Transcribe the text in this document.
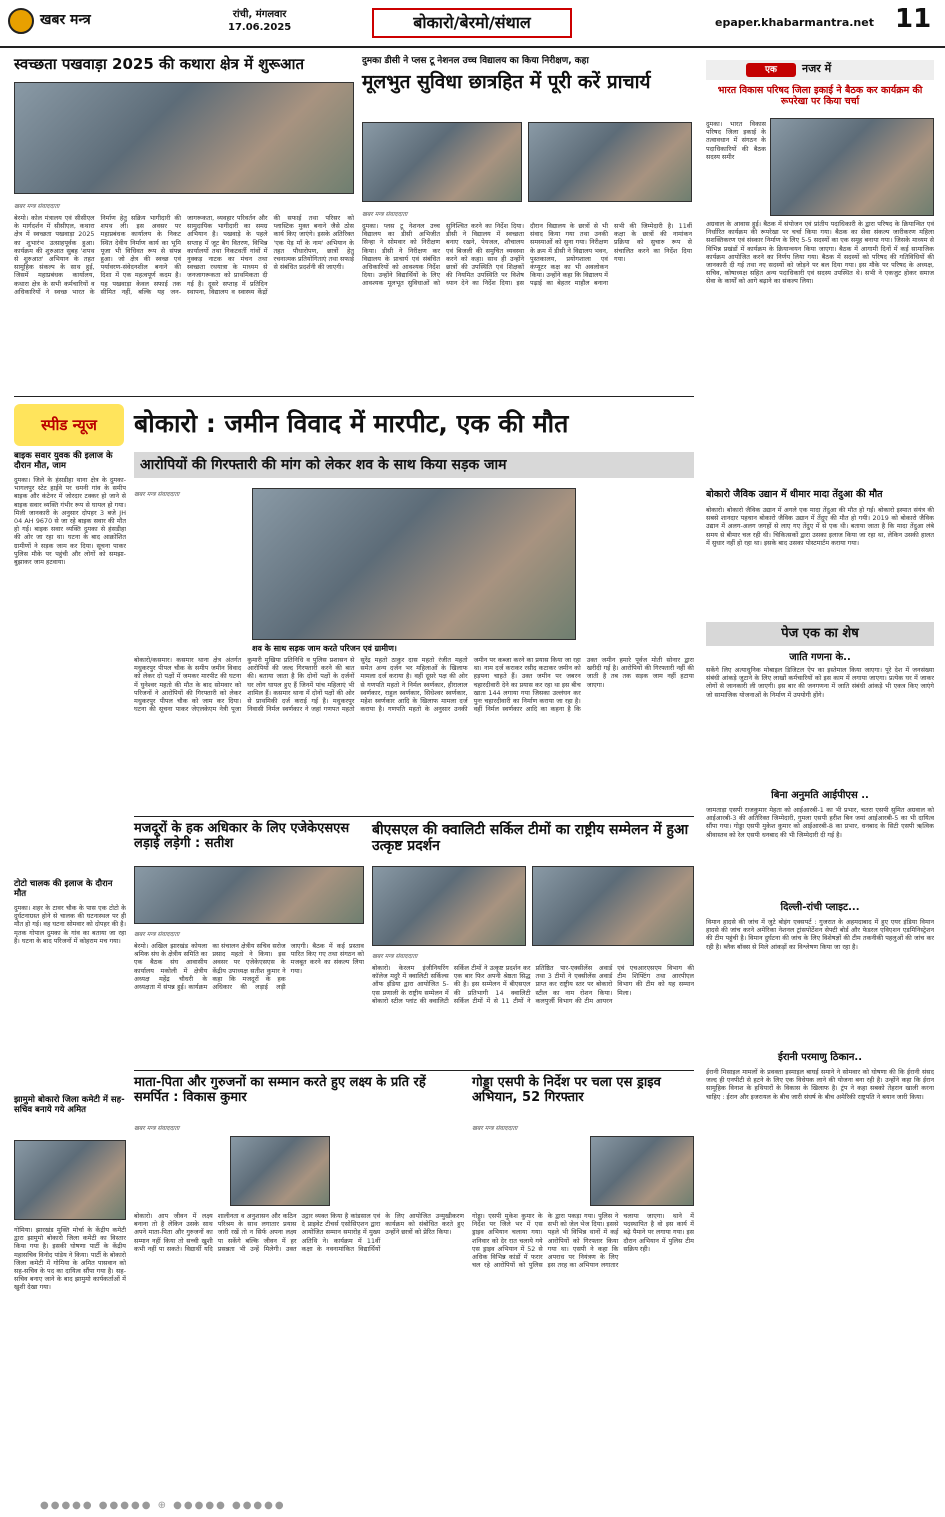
खबर मन्त्र	रांची, मंगलवार
17.06.2025	बोकारो/बेरमो/संथाल	epaper.khabarmantra.net 11
स्वच्छता पखवाड़ा 2025 की कथारा क्षेत्र में शुरूआत
खबर मन्त्र संवाददाता
बेरमो। कोल मंत्रालय एवं सीसीएल के मार्गदर्शन में सीसीएल, कथारा क्षेत्र में स्वच्छता पखवाड़ा 2025 का शुभारंभ उत्साहपूर्वक हुआ। कार्यक्रम की शुरुआत सुबह 'शपथ से शुरुआत' अभियान के तहत सामूहिक संकल्प के साथ हुई, जिसमें महाप्रबंधक कार्यालय, कथारा क्षेत्र के सभी कर्मचारियों व अधिकारियों ने स्वच्छ भारत के निर्माण हेतु सक्रिय भागीदारी की शपथ ली। इस अवसर पर महाप्रबंधक कार्यालय के निकट स्थित देवीय निर्माण कार्य का भूमि पूजा भी विधिवत रूप से संपन्न हुआ। जो क्षेत्र की स्वच्छ एवं पर्यावरण-संवेदनशील बनाने की दिशा में एक महत्वपूर्ण कदम है। यह पखवाड़ा केवल सफाई तक सीमित नहीं, बल्कि यह जन-जागरूकता, व्यवहार परिवर्तन और सामुदायिक भागीदारी का समग्र अभियान है। पखवाड़े के पहले सप्ताह में जूट बैग वितरण, विभिन्न कार्यालयों तथा निकटवर्ती गांवों में नुक्कड़ नाटक का मंचन तथा स्वच्छता रथयात्रा के माध्यम से जनजागरूकता को प्राथमिकता दी गई है। दूसरे सप्ताह में प्रतिदिन स्थापना, विद्यालय व स्वास्थ्य केंद्रों की सफाई तथा परिसर को प्लास्टिक मुक्त बनाने जैसे ठोस कार्य किए जाएंगे। इसके अतिरिक्त 'एक पेड़ माँ के नाम' अभियान के तहत पौधारोपण, छात्रों हेतु रचनात्मक प्रतियोगिताएं तथा सफाई से संबंधित प्रदर्शनी की जाएगी।
दुमका डीसी ने प्लस टू नेशनल उच्च विद्यालय का किया निरीक्षण, कहा
मूलभुत सुविधा छात्रहित में पूरी करें प्राचार्य
खबर मन्त्र संवाददाता
दुमका। प्लस टू नेशनल उच्च विद्यालय का डीसी अभिजीत सिन्हा ने सोमवार को निरीक्षण किया। डीसी ने निरीक्षण कर विद्यालय के प्राचार्य एवं संबंधित अधिकारियों को आवश्यक निर्देश दिया। उन्होंने विद्यार्थियों के लिए आवश्यक मूलभूत सुविधाओं को सुनिश्चित करने का निर्देश दिया। डीसी ने विद्यालय में स्वच्छता बनाए रखने, पेयजल, शौचालय एवं बिजली की समुचित व्यवस्था करने को कहा। साथ ही उन्होंने छात्रों की उपस्थिति एवं शिक्षकों की नियमित उपस्थिति पर विशेष ध्यान देने का निर्देश दिया। इस दौरान विद्यालय के छात्रों से भी संवाद किया गया तथा उनकी समस्याओं को सुना गया। निरीक्षण के क्रम में डीसी ने विद्यालय भवन, पुस्तकालय, प्रयोगशाला एवं कंप्यूटर कक्ष का भी अवलोकन किया। उन्होंने कहा कि विद्यालय में पढ़ाई का बेहतर माहौल बनाना सभी की जिम्मेदारी है। 11वीं कक्षा के छात्रों की नामांकन प्रक्रिया को सुचारु रूप से संचालित करने का निर्देश दिया गया।
एक	नजर में
भारत विकास परिषद जिला इकाई ने बैठक कर कार्यक्रम की रूपरेखा पर किया चर्चा
दुमका। भारत विकास परिषद जिला इकाई के तत्वावधान में संगठन के पदाधिकारियों की बैठक सदस्य समीर
अग्रवाल के आवास हुई। बैठक में संयोजन एवं प्रांतीय पदाधिकारी के द्वारा परिषद के क्रियान्वित एवं निर्धारित कार्यक्रम की रूपरेखा पर चर्चा किया गया। बैठक का सेवा संकल्प जारीकरण महिला सशक्तिकरण एवं संस्कार निर्माण के लिए 5-5 सदस्यों का एक समूह बनाया गया। जिसके माध्यम से विभिन्न प्रखंडों में कार्यक्रम के क्रियान्वयन किया जाएगा। बैठक में आगामी दिनों में कई सामाजिक कार्यक्रम आयोजित करने का निर्णय लिया गया। बैठक में सदस्यों को परिषद की गतिविधियों की जानकारी दी गई तथा नए सदस्यों को जोड़ने पर बल दिया गया। इस मौके पर परिषद के अध्यक्ष, सचिव, कोषाध्यक्ष सहित अन्य पदाधिकारी एवं सदस्य उपस्थित थे। सभी ने एकजुट होकर समाज सेवा के कार्यों को आगे बढ़ाने का संकल्प लिया।
स्पीड न्यूज
बाइक सवार युवक की इलाज के दौरान मौत, जाम
दुमका। जिले के हंसडीहा थाना क्षेत्र के दुमका-भागलपुर स्टेट हाईवे पर धमनी गांव के समीप बाइक और कंटेनर में जोरदार टक्कर हो जाने से बाइक सवार व्यक्ति गंभीर रूप से घायल हो गया। मिली जानकारी के अनुसार दोपहर 3 बजे JH 04 AH 9670 से जा रहे बाइक सवार की मौत हो गई। बाइक सवार व्यक्ति दुमका से हंसडीहा की ओर जा रहा था। घटना के बाद आक्रोशित ग्रामीणों ने सड़क जाम कर दिया। सूचना पाकर पुलिस मौके पर पहुंची और लोगों को समझा-बुझाकर जाम हटवाया।
टोटो चालक की इलाज के दौरान मौत
दुमका। शहर के टावर चौक के पास एक टोटो के दुर्घटनाग्रस्त होने से चालक की घटनास्थल पर ही मौत हो गई। वह घटना सोमवार को दोपहर की है। मृतक गोपाल दुमका के गांव का बताया जा रहा है। घटना के बाद परिजनों में कोहराम मच गया।
झामुमो बोकारो जिला कमेटी में सह-सचिव बनाये गये अमित
गोमिया। झारखंड मुक्ति मोर्चा के केंद्रीय कमेटी द्वारा झामुमो बोकारो जिला कमेटी का विस्तार किया गया है। इसकी घोषणा पार्टी के केंद्रीय महासचिव विनोद पांडेय ने किया। पार्टी के बोकारो जिला कमेटी में गोमिया के अमित पासवान को सह-सचिव के पद का दायित्व सौंपा गया है। सह-सचिव बनाए जाने के बाद झामुमो कार्यकर्ताओं में खुशी देखा गया।
बोकारो : जमीन विवाद में मारपीट, एक की मौत
आरोपियों की गिरफ्तारी की मांग को लेकर शव के साथ किया सड़क जाम
खबर मन्त्र संवाददाता
शव के साथ सड़क जाम करते परिजन एवं ग्रामीण।
बोकारो/कसमार। कसमार थाना क्षेत्र अंतर्गत मधुकरपुर पीपल चौक के समीप जमीन विवाद को लेकर दो पक्षों में जमकर मारपीट की घटना में घुनेश्वर महतो की मौत के बाद सोमवार को परिजनों ने आरोपियों की गिरफ्तारी को लेकर मधुकरपुर पीपल चौक को जाम कर दिया। घटना की सूचना पाकर जेएलकेएम नेत्री पूजा कुमारी मुखिया प्रतिनिधि व पुलिस प्रशासन से आरोपियों की जल्द गिरफ्तारी करने की बात की। बताया जाता है कि दोनों पक्षों के दर्जनों घर लोग घायल हुए हैं जिनमें पांच महिलाएं भी शामिल हैं। कसमार थाना में दोनों पक्षों की ओर से प्राथमिकी दर्ज कराई गई है। मधुकरपुर निवासी निर्मल स्वर्णकार ने जहां गणपत महतो सुरेंद्र महतो ठाकुर दास महतो रंजीत महतो समेत अन्य दर्जन भर महिलाओं के खिलाफ मामला दर्ज कराया है। वहीं दूसरे पक्ष की ओर से गणपति महतो ने निर्मल स्वर्णकार, हीरालाल स्वर्णकार, राहुल स्वर्णकार, सिधेश्वर स्वर्णकार, महेश स्वर्णकार आदि के खिलाफ मामला दर्ज कराया है। गणपति महतो के अनुसार उनकी जमीन पर कब्जा करने का प्रयास किया जा रहा था। नाम दर्ज कराकर रसीद कटाकर जमीन को हड़पना चाहते हैं। उक्त जमीन पर जबरन चहारदीवारी देने का प्रयास कर रहा था इस बीच खाता 144 लगाया गया जिसका उल्लंघन कर पुनः चहारदीवारी का निर्माण कराया जा रहा है। वहीं निर्मल स्वर्णकार आदि का कहना है कि उक्त जमीन हमारे पूर्वज मोती सोनार द्वारा खरीदी गई है। आरोपियों की गिरफ्तारी नहीं की जाती है तब तक सड़क जाम नहीं हटाया जाएगा।
बोकारो जैविक उद्यान में धीमार मादा तेंदुआ की मौत
बोकारो। बोकारो जैविक उद्यान में अगले एक मादा तेंदुआ की मौत हो गई। बोकारो इस्पात संयंत्र की सबसे शानदार पहचान बोकारो जैविक उद्यान में तेंदुए की मौत हो गयी। 2019 को बोकारो जैविक उद्यान में अलग-अलग जगहों से लाए गए तेंदुए में से एक थी। बताया जाता है कि मादा तेंदुआ लंबे समय से बीमार चल रही थी। चिकित्सकों द्वारा उसका इलाज किया जा रहा था, लेकिन उसकी हालत में सुधार नहीं हो रहा था। इसके बाद उसका पोस्टमार्टम कराया गया।
पेज एक का शेष
जाति गणना के..
सकेंगे लिए अत्याधुनिक मोबाइल डिजिटल ऐप का इस्तेमाल किया जाएगा। पूरे देश में जनसंख्या संबंधी आंकड़े जुटाने के लिए लाखों कर्मचारियों को इस काम में लगाया जाएगा। प्रत्येक घर में जाकर लोगों से जानकारी ली जाएगी। इस बार की जनगणना में जाति संबंधी आंकड़े भी एकत्र किए जाएंगे जो सामाजिक योजनाओं के निर्माण में उपयोगी होंगे।
बिना अनुमति आईपीएस ..
जामताड़ा एसपी राजकुमार मेहता को आईआरबी-1 का भी प्रभार, चतरा एसपी सुमित अग्रवाल को आईआरबी-3 की अतिरिक्त जिम्मेदारी, गुमला एसपी हरीश बिन जमां आईआरबी-5 का भी दायित्व सौंपा गया। गोड्डा एसपी मुकेश कुमार को आईआरबी-8 का प्रभार, धनबाद के सिटी एसपी ऋत्विक श्रीवास्तव को रेल एसपी धनबाद की भी जिम्मेदारी दी गई है।
दिल्ली-रांची प्लाइट...
विमान हादसे की जांच में जुटे बोइंग एक्सपर्ट : गुजरात के अहमदाबाद में हुए एयर इंडिया विमान हादसे की जांच करने अमेरिका नेशनल ट्रांसपोर्टेशन सेफ्टी बोर्ड और फेडरल एविएशन एडमिनिस्ट्रेशन की टीम पहुंची है। विमान दुर्घटना की जांच के लिए विशेषज्ञों की टीम तकनीकी पहलुओं की जांच कर रही है। ब्लैक बॉक्स से मिले आंकड़ों का विश्लेषण किया जा रहा है।
ईरानी परमाणु ठिकान..
ईरानी मिसाइल मामलों के प्रवक्ता इस्माइल बाघई समाने ने सोमवार को घोषणा की कि ईरानी संसद जल्द ही एनपीटी से हटने के लिए एक विधेयक लाने की योजना बना रही है। उन्होंने कहा कि ईरान सामूहिक विनाश के हथियारों के विकास के खिलाफ है। ट्रंप ने कहा सबको तेहरान खाली करना चाहिए : ईरान और इजरायल के बीच जारी संघर्ष के बीच अमेरिकी राष्ट्रपति ने बयान जारी किया।
मजदूरों के हक अधिकार के लिए एजेकेएसएस लड़ाई लड़ेगी : सतीश
खबर मन्त्र संवाददाता
बेरमो। अखिल झारखंड कोयला श्रमिक संघ के क्षेत्रीय समिति का एक बैठक संघ आवासीय कार्यालय मकोली में क्षेत्रीय अध्यक्ष महेंद्र चौधरी के अध्यक्षता में संपन्न हुई। कार्यक्रम का संचालन क्षेत्रीय सचिव सरोज प्रसाद महतो ने किया। इस अवसर पर एजेकेएसएस के केंद्रीय उपाध्यक्ष सतीश कुमार ने कहा कि मजदूरों के हक अधिकार की लड़ाई लड़ी जाएगी। बैठक में कई प्रस्ताव पारित किए गए तथा संगठन को मजबूत करने का संकल्प लिया गया।
बीएसएल की क्वालिटी सर्किल टीमों का राष्ट्रीय सम्मेलन में हुआ उत्कृष्ट प्रदर्शन
खबर मन्त्र संवाददाता
बोकारो। केरलम इंजीनियरिंग कॉलेज मदुरै में क्वालिटी सर्किल्स ऑफ इंडिया द्वारा आयोजित 5-एस प्रणाली के राष्ट्रीय सम्मेलन में बोकारो स्टील प्लांट की क्वालिटी सर्किल टीमों ने उत्कृष्ट प्रदर्शन कर एक बार फिर अपनी श्रेष्ठता सिद्ध की है। इस सम्मेलन में बीएसएल की प्रतिभागी 14 क्वालिटी सर्किल टीमों में से 11 टीमों ने प्रतिष्ठित पार-एक्सीलेंस अवार्ड तथा 3 टीमों ने एक्सीलेंस अवार्ड प्राप्त कर राष्ट्रीय स्तर पर बोकारो स्टील का नाम रोशन किया। कलपुर्जी विभाग की टीम आयरन एवं एचआरएसएम विभाग की टीम शिफ्टिंग तथा आरपीएल विभाग की टीम को यह सम्मान मिला।
माता-पिता और गुरुजनों का सम्मान करते हुए लक्ष्य के प्रति रहें समर्पित : विकास कुमार
खबर मन्त्र संवाददाता
बोकारो। आप जीवन में लक्ष्य बनाना तो है लेकिन उसके साथ अपने माता-पिता और गुरुजनों का सम्मान नहीं किया तो सच्ची खुशी कभी नहीं पा सकते। विद्यार्थी यदि शालीनता व अनुशासन और कठिन परिश्रम के साथ लगातार प्रयास जारी रखें तो न सिर्फ अपना लक्ष्य पा सकेंगे बल्कि जीवन में हर प्रसन्नता भी उन्हें मिलेगी। उक्त उद्गार व्यक्त किया है कांडसाल एवं दे प्राइवेट टीचर्स एसोसिएशन द्वारा आयोजित सम्मान समारोह में मुख्य अतिथि ने। कार्यक्रम में 11वीं कक्षा के नवनामांकित विद्यार्थियों के लिए आयोजित उन्मुखीकरण कार्यक्रम को संबोधित करते हुए उन्होंने छात्रों को प्रेरित किया।
गोड्डा एसपी के निर्देश पर चला एस ड्राइव अभियान, 52 गिरफ्तार
खबर मन्त्र संवाददाता
गोड्डा। एसपी मुकेश कुमार के निर्देश पर जिले भर में एस ड्राइव अभियान चलाया गया। शनिवार को देर रात चलाये गये एस ड्राइव अभियान में 52 से अधिक विभिन्न कांडों में फरार चल रहे आरोपियों को पुलिस के द्वारा पकड़ा गया। पुलिस ने सभी को जेल भेज दिया। इससे पहले भी विभिन्न थानों में कई आरोपियों को गिरफ्तार किया गया था। एसपी ने कहा कि अपराध पर नियंत्रण के लिए इस तरह का अभियान लगातार चलाया जाएगा। थाने में पदस्थापित है वो इस कार्य में बढ़े पैमाने पर लगाया गया। इस दौरान अभियान में पुलिस टीम सक्रिय रही।
●●●●● ●●●●● ⊕ ●●●●● ●●●●●
